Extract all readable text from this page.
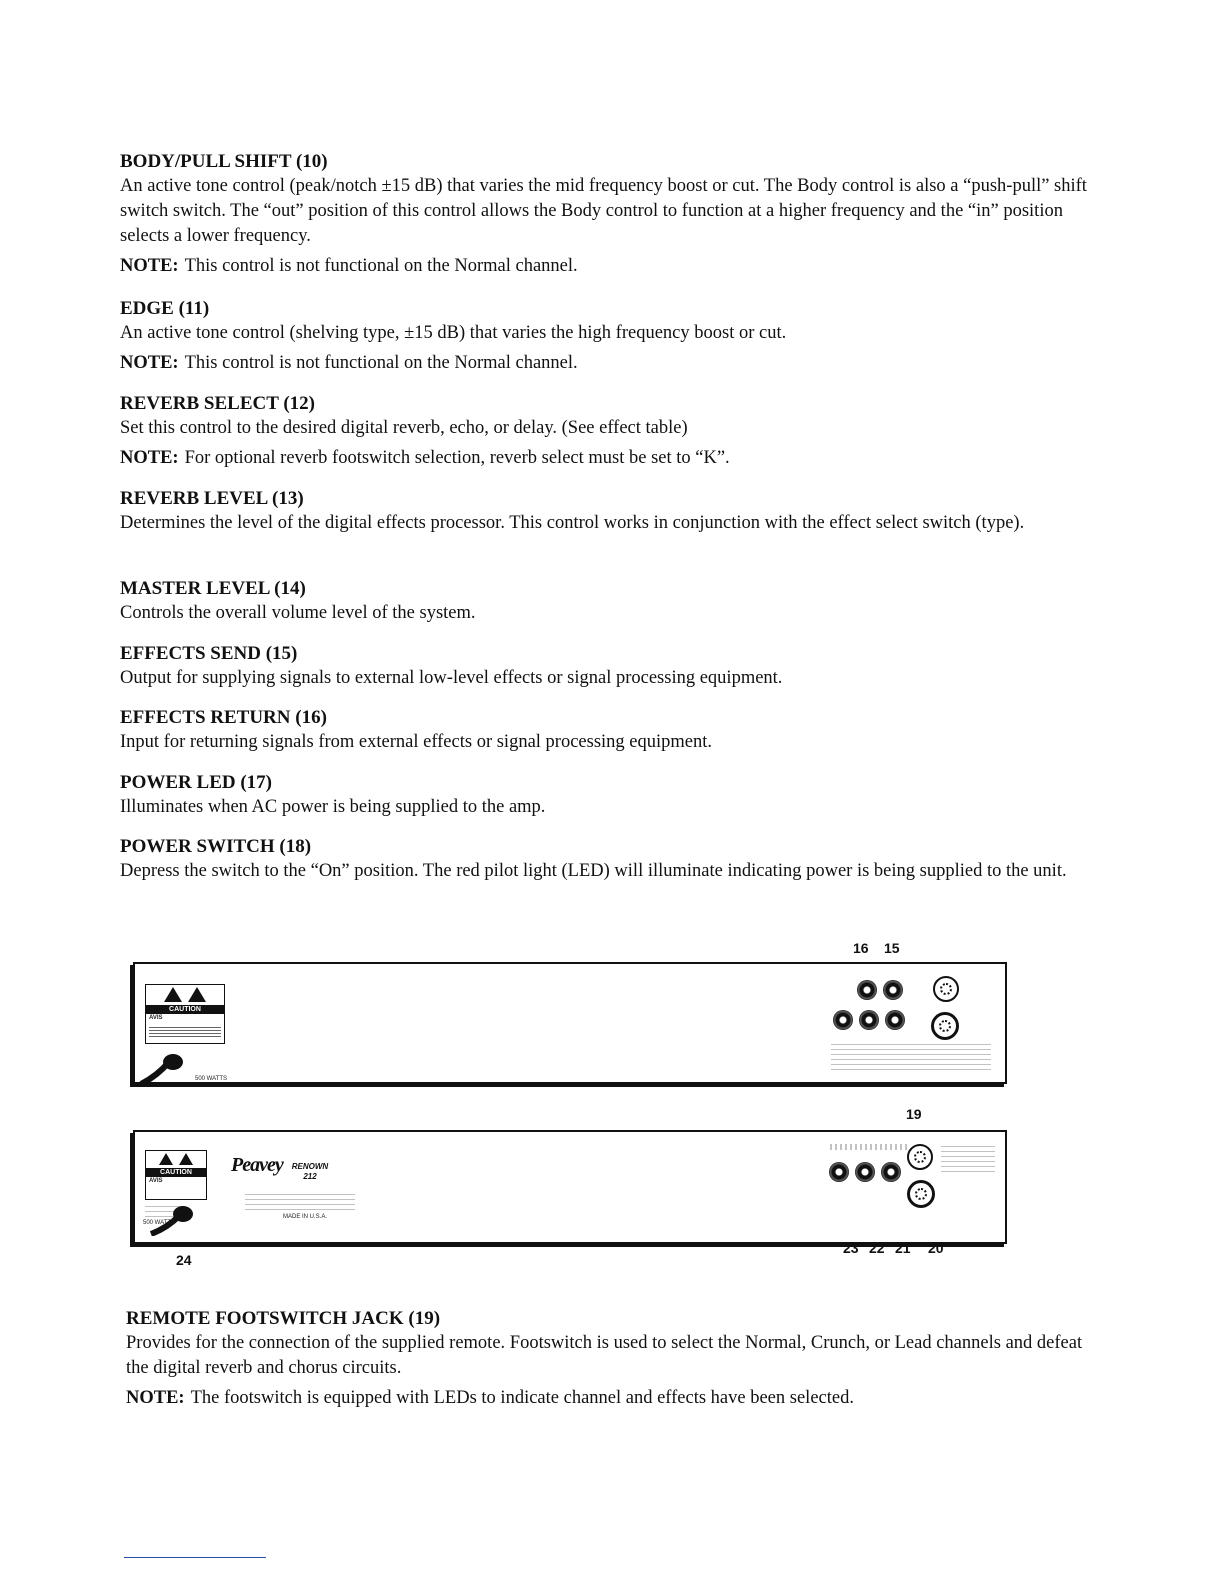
BODY/PULL SHIFT (10)

An active tone control (peak/notch ±15 dB) that varies the mid frequency boost or cut. The Body control is also a “push-pull” shift switch switch. The “out” position of this control allows the Body control to function at a higher frequency and the “in” position selects a lower frequency.

NOTE: This control is not functional on the Normal channel.

EDGE (11)

An active tone control (shelving type, ±15 dB) that varies the high frequency boost or cut.

NOTE: This control is not functional on the Normal channel.

REVERB SELECT (12)

Set this control to the desired digital reverb, echo, or delay. (See effect table)

NOTE: For optional reverb footswitch selection, reverb select must be set to “K”.

REVERB LEVEL (13)

Determines the level of the digital effects processor. This control works in conjunction with the effect select switch (type).

MASTER LEVEL (14)

Controls the overall volume level of the system.

EFFECTS SEND (15)

Output for supplying signals to external low-level effects or signal processing equipment.

EFFECTS RETURN (16)

Input for returning signals from external effects or signal processing equipment.

POWER LED (17)

Illuminates when AC power is being supplied to the amp.

POWER SWITCH (18)

Depress the switch to the “On” position. The red pilot light (LED) will illuminate indicating power is being supplied to the unit.

16 15
CAUTION
AVIS
500 WATTS
19
CAUTION
AVIS
500 WATTS
Peavey	RENOWN
212
MADE IN U.S.A.
24
23 22 21 20

REMOTE FOOTSWITCH JACK (19)

Provides for the connection of the supplied remote. Footswitch is used to select the Normal, Crunch, or Lead channels and defeat the digital reverb and chorus circuits.

NOTE: The footswitch is equipped with LEDs to indicate channel and effects have been selected.
